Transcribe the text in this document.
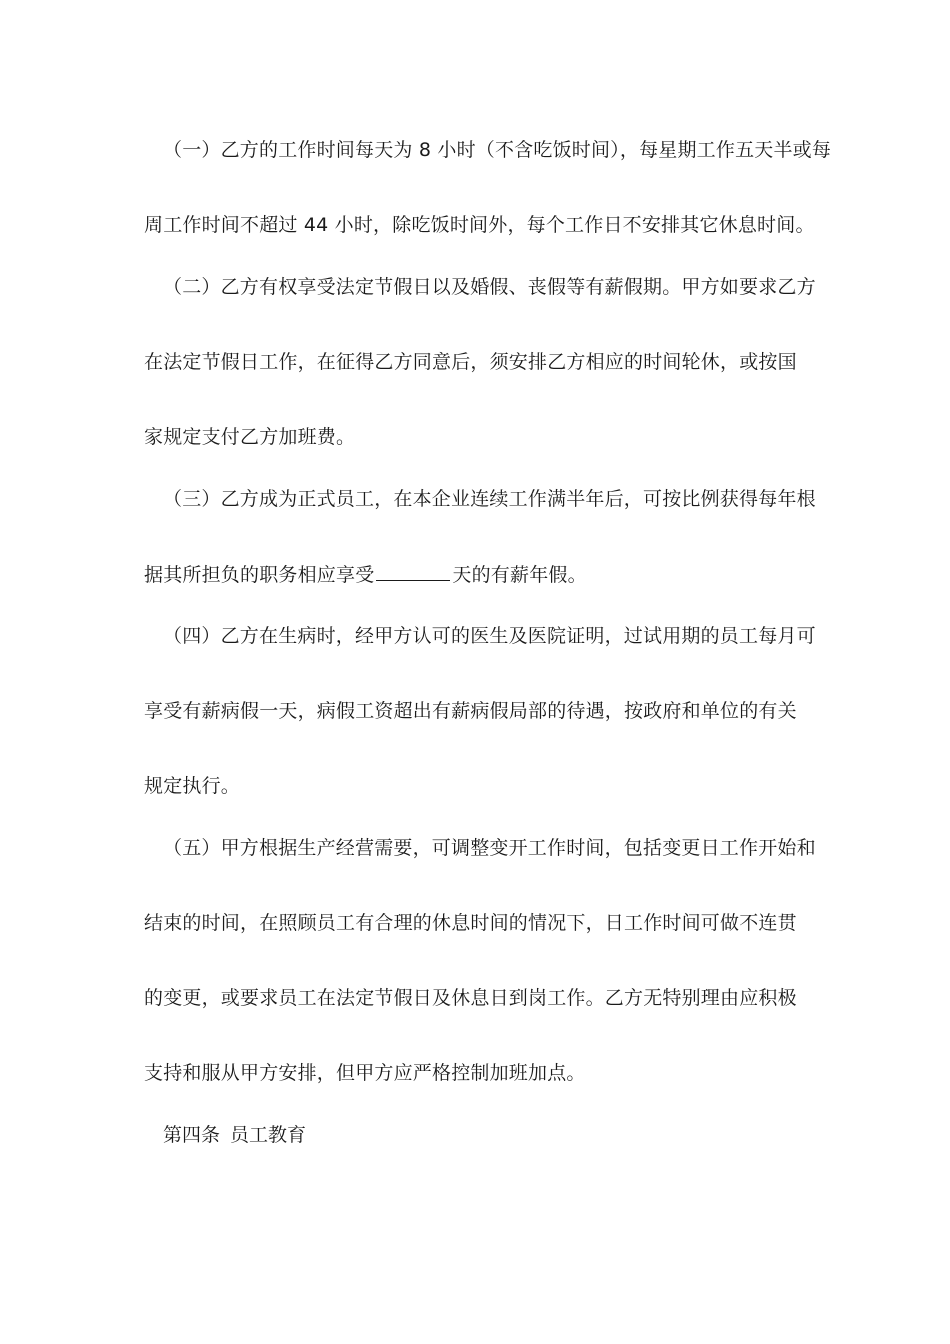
（一）乙方的工作时间每天为 8 小时（不含吃饭时间），每星期工作五天半或每
周工作时间不超过 44 小时，除吃饭时间外，每个工作日不安排其它休息时间。
（二）乙方有权享受法定节假日以及婚假、丧假等有薪假期。甲方如要求乙方
在法定节假日工作，在征得乙方同意后，须安排乙方相应的时间轮休，或按国
家规定支付乙方加班费。
（三）乙方成为正式员工，在本企业连续工作满半年后，可按比例获得每年根
据其所担负的职务相应享受	天的有薪年假。
（四）乙方在生病时，经甲方认可的医生及医院证明，过试用期的员工每月可
享受有薪病假一天，病假工资超出有薪病假局部的待遇，按政府和单位的有关
规定执行。
（五）甲方根据生产经营需要，可调整变开工作时间，包括变更日工作开始和
结束的时间，在照顾员工有合理的休息时间的情况下，日工作时间可做不连贯
的变更，或要求员工在法定节假日及休息日到岗工作。乙方无特别理由应积极
支持和服从甲方安排，但甲方应严格控制加班加点。
第四条 员工教育
